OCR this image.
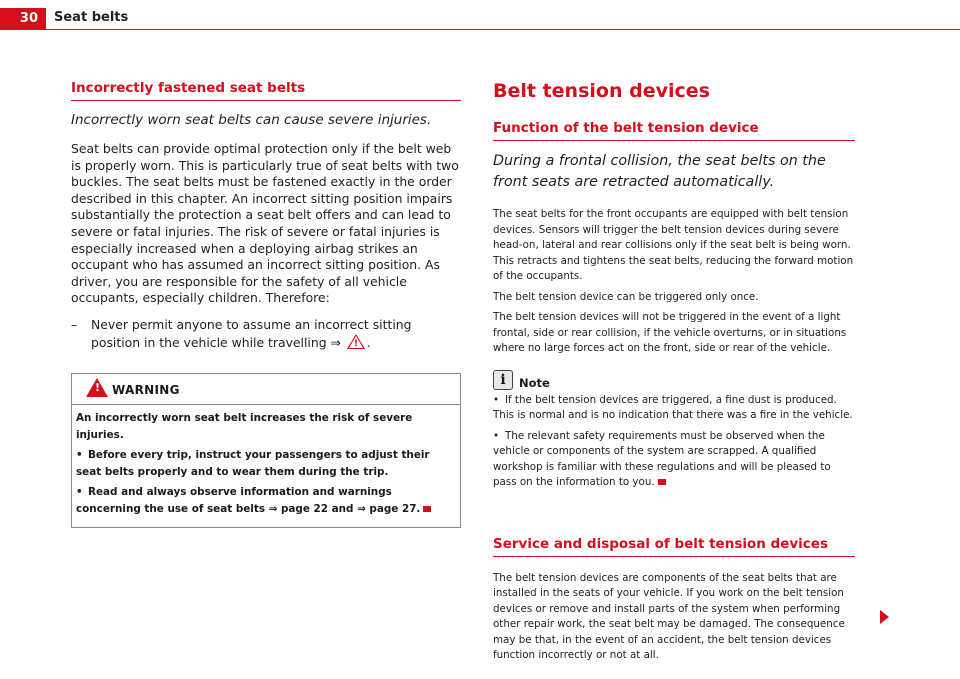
30	Seat belts
Incorrectly fastened seat belts

Incorrectly worn seat belts can cause severe injuries.

Seat belts can provide optimal protection only if the belt web is properly worn. This is particularly true of seat belts with two buckles. The seat belts must be fastened exactly in the order described in this chapter. An incorrect sitting position impairs substantially the protection a seat belt offers and can lead to severe or fatal injuries. The risk of severe or fatal injuries is especially increased when a deploying airbag strikes an occupant who has assumed an incorrect sitting position. As driver, you are responsible for the safety of all vehicle occupants, especially children. Therefore:

– Never permit anyone to assume an incorrect sitting position in the vehicle while travelling ⇒ ! .
! WARNING

An incorrectly worn seat belt increases the risk of severe injuries.

• Before every trip, instruct your passengers to adjust their seat belts properly and to wear them during the trip.

• Read and always observe information and warnings concerning the use of seat belts ⇒ page 22 and ⇒ page 27.

Belt tension devices
Function of the belt tension device

During a frontal collision, the seat belts on the front seats are retracted automatically.

The seat belts for the front occupants are equipped with belt tension devices. Sensors will trigger the belt tension devices during severe head-on, lateral and rear collisions only if the seat belt is being worn. This retracts and tightens the seat belts, reducing the forward motion of the occupants.

The belt tension device can be triggered only once.

The belt tension devices will not be triggered in the event of a light frontal, side or rear collision, if the vehicle overturns, or in situations where no large forces act on the front, side or rear of the vehicle.

i	Note

• If the belt tension devices are triggered, a fine dust is produced. This is normal and is no indication that there was a fire in the vehicle.

• The relevant safety requirements must be observed when the vehicle or components of the system are scrapped. A qualified workshop is familiar with these regulations and will be pleased to pass on the information to you.

Service and disposal of belt tension devices

The belt tension devices are components of the seat belts that are installed in the seats of your vehicle. If you work on the belt tension devices or remove and install parts of the system when performing other repair work, the seat belt may be damaged. The consequence may be that, in the event of an accident, the belt tension devices function incorrectly or not at all.
